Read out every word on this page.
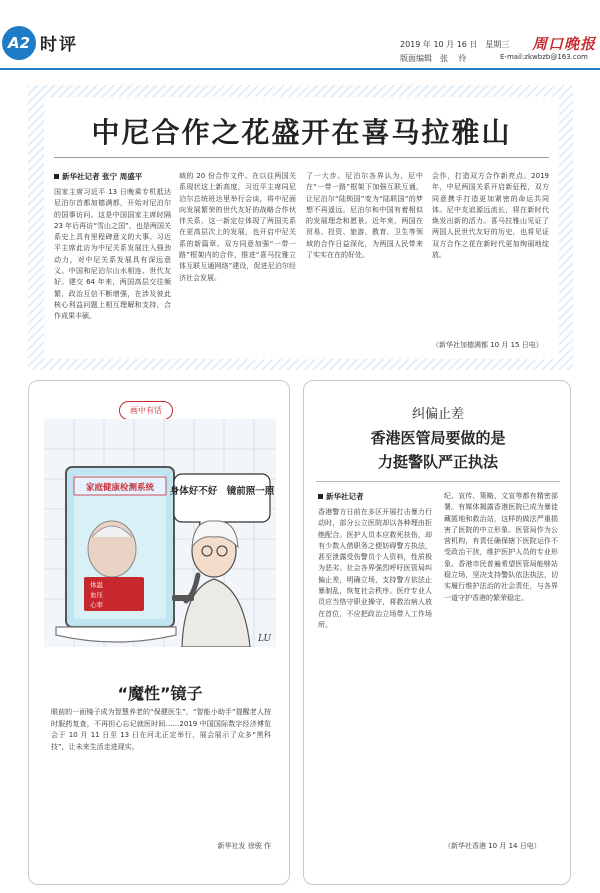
A2 时评	2019 年 10 月 16 日　星期三
版面编辑　张 　伶
周口晚报
E-mail:zkwbzb@163.com
中尼合作之花盛开在喜马拉雅山
新华社记者 张宁 周盛平
国家主席习近平 13 日晚乘专机抵达尼泊尔首都加德满都，开始对尼泊尔的国事访问。这是中国国家主席时隔 23 年后再访“雪山之国”，也是两国关系史上具有里程碑意义的大事。习近平主席此访为中尼关系发展注入强劲动力，对中尼关系发展具有深远意义。中国和尼泊尔山水相连、世代友好。建交 64 年来，两国高层交往频繁，政治互信不断增强，在涉及彼此核心利益问题上相互理解和支持，合作成果丰硕。
域的 20 份合作文件。在以往两国关系现状这上新高度，习近平主席同尼泊尔总统班达里举行会谈，将中尼面向发展繁荣的世代友好的战略合作伙伴关系。这一新定位体现了两国关系在更高层次上的发展，也开启中尼关系的新篇章。双方同意加强“一带一路”框架内的合作，推进“喜马拉雅立体互联互通网络”建设，促进尼泊尔经济社会发展。
了一大步。尼泊尔各界认为，尼中在“一带一路”框架下加强互联互通，让尼泊尔“陆锁国”变为“陆联国”的梦想不再遥远。尼泊尔和中国有着相似的发展理念和愿景。近年来，两国在贸易、投资、旅游、教育、卫生等领域的合作日益深化，为两国人民带来了实实在在的好处。
会作，打造双方合作新亮点。2019 年，中尼两国关系开启新征程，双方同意携手打造更加紧密的命运共同体。尼中友谊源远流长，将在新时代焕发出新的活力。喜马拉雅山见证了两国人民世代友好的历史，也将见证双方合作之花在新时代更加绚丽地绽放。
（新华社加德满都 10 月 15 日电）
画中有话
家庭健康检测系统
体温
血压
心率
身体好不好　镜前照一照
LU
“魔性”镜子
眼前的一面镜子成为智慧养老的“保健医生”，“智能小助手”提醒老人按时服药复查，不再担心忘记就医时间……2019 中国国际数字经济博览会于 10 月 11 日至 13 日在河北正定举行，展会展示了众多“黑科技”，让未来生活走进现实。
新华社发 徐骏 作
纠偏止差
香港医管局要做的是
力挺警队严正执法
新华社记者
香港警方日前在多区开展打击暴力行动时，部分公立医院却以各种理由拒绝配合。医护人员本应救死扶伤，却有少数人借职务之便妨碍警方执法，甚至泄露受伤警员个人资料，性质极为恶劣。社会各界强烈呼吁医管局纠偏止差，明确立场，支持警方依法止暴制乱，恢复社会秩序。医疗专业人员应当恪守职业操守，将救治病人放在首位，不应把政治立场带入工作场所。
纪、宣传、策略、文宣等都有精密部署。有媒体揭露香港医院已成为暴徒藏匿地和救治站，这样的做法严重损害了医院的中立形象。医管局作为公营机构，有责任确保辖下医院运作不受政治干扰，维护医护人员的专业形象。香港市民普遍希望医管局能够站稳立场，坚决支持警队依法执法，切实履行维护法治的社会责任，与各界一道守护香港的繁荣稳定。
（新华社香港 10 月 14 日电）
